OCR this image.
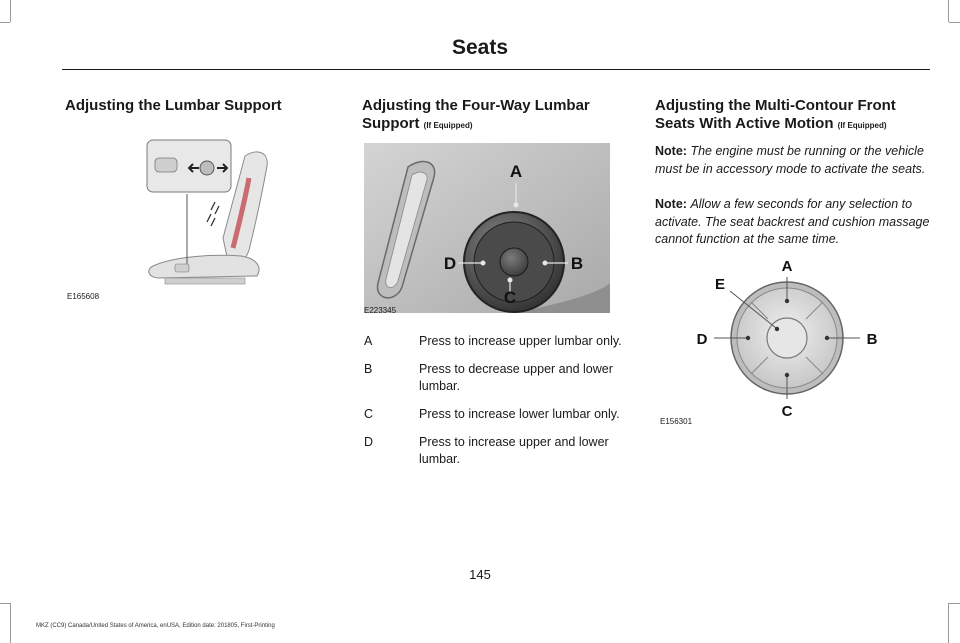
Seats
Adjusting the Lumbar Support
E165608
Adjusting the Four-Way Lumbar Support (If Equipped)
A
B
C
D
E223345
A	Press to increase upper lumbar only.
B	Press to decrease upper and lower lumbar.
C	Press to increase lower lumbar only.
D	Press to increase upper and lower lumbar.
Adjusting the Multi-Contour Front Seats With Active Motion (If Equipped)

Note: The engine must be running or the vehicle must be in accessory mode to activate the seats.

Note: Allow a few seconds for any selection to activate. The seat backrest and cushion massage cannot function at the same time.

A
B
C
D
E
E156301
145
MKZ (CC9) Canada/United States of America, enUSA, Edition date: 201805, First-Printing
